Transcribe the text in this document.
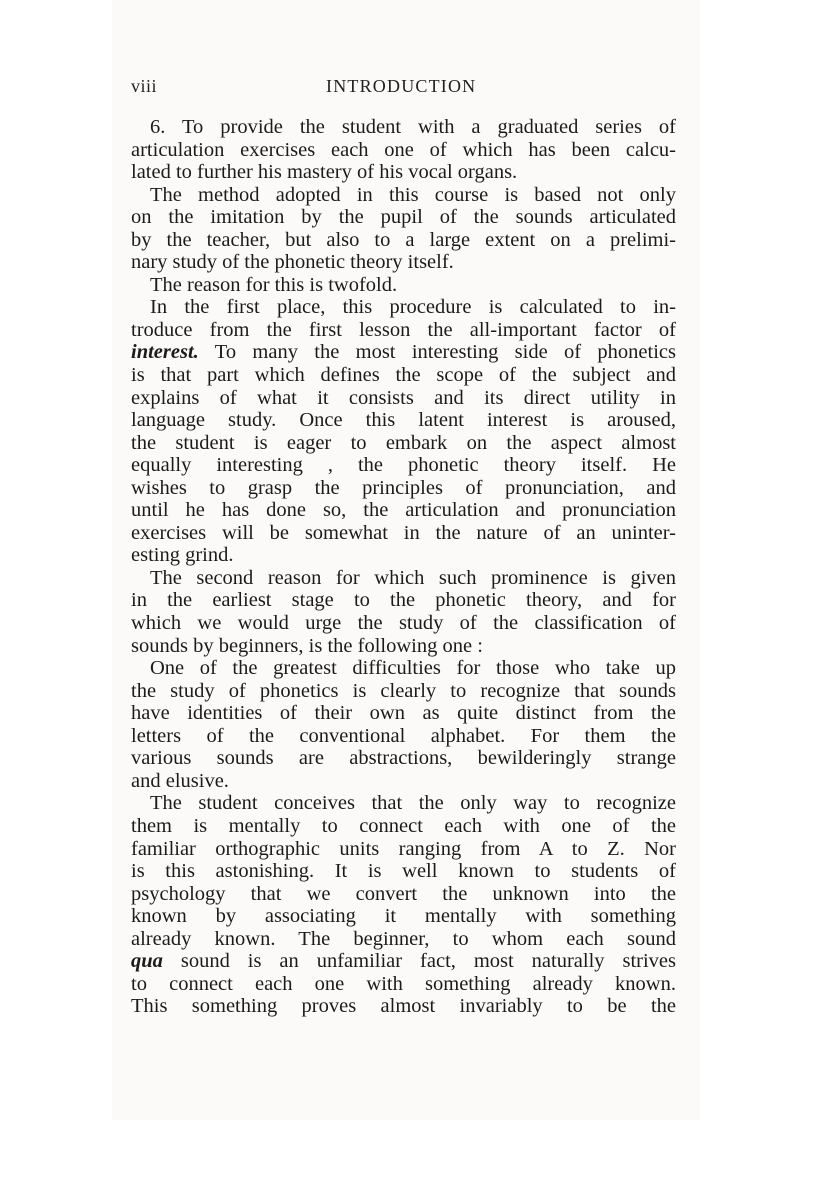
viii	INTRODUCTION
6. To provide the student with a graduated series of
articulation exercises each one of which has been calcu-
lated to further his mastery of his vocal organs.
The method adopted in this course is based not only
on the imitation by the pupil of the sounds articulated
by the teacher, but also to a large extent on a prelimi-
nary study of the phonetic theory itself.
The reason for this is twofold.
In the first place, this procedure is calculated to in-
troduce from the first lesson the all-important factor of
interest. To many the most interesting side of phonetics
is that part which defines the scope of the subject and
explains of what it consists and its direct utility in
language study. Once this latent interest is aroused,
the student is eager to embark on the aspect almost
equally interesting , the phonetic theory itself. He
wishes to grasp the principles of pronunciation, and
until he has done so, the articulation and pronunciation
exercises will be somewhat in the nature of an uninter-
esting grind.
The second reason for which such prominence is given
in the earliest stage to the phonetic theory, and for
which we would urge the study of the classification of
sounds by beginners, is the following one :
One of the greatest difficulties for those who take up
the study of phonetics is clearly to recognize that sounds
have identities of their own as quite distinct from the
letters of the conventional alphabet. For them the
various sounds are abstractions, bewilderingly strange
and elusive.
The student conceives that the only way to recognize
them is mentally to connect each with one of the
familiar orthographic units ranging from A to Z. Nor
is this astonishing. It is well known to students of
psychology that we convert the unknown into the
known by associating it mentally with something
already known. The beginner, to whom each sound
qua sound is an unfamiliar fact, most naturally strives
to connect each one with something already known.
This something proves almost invariably to be the
